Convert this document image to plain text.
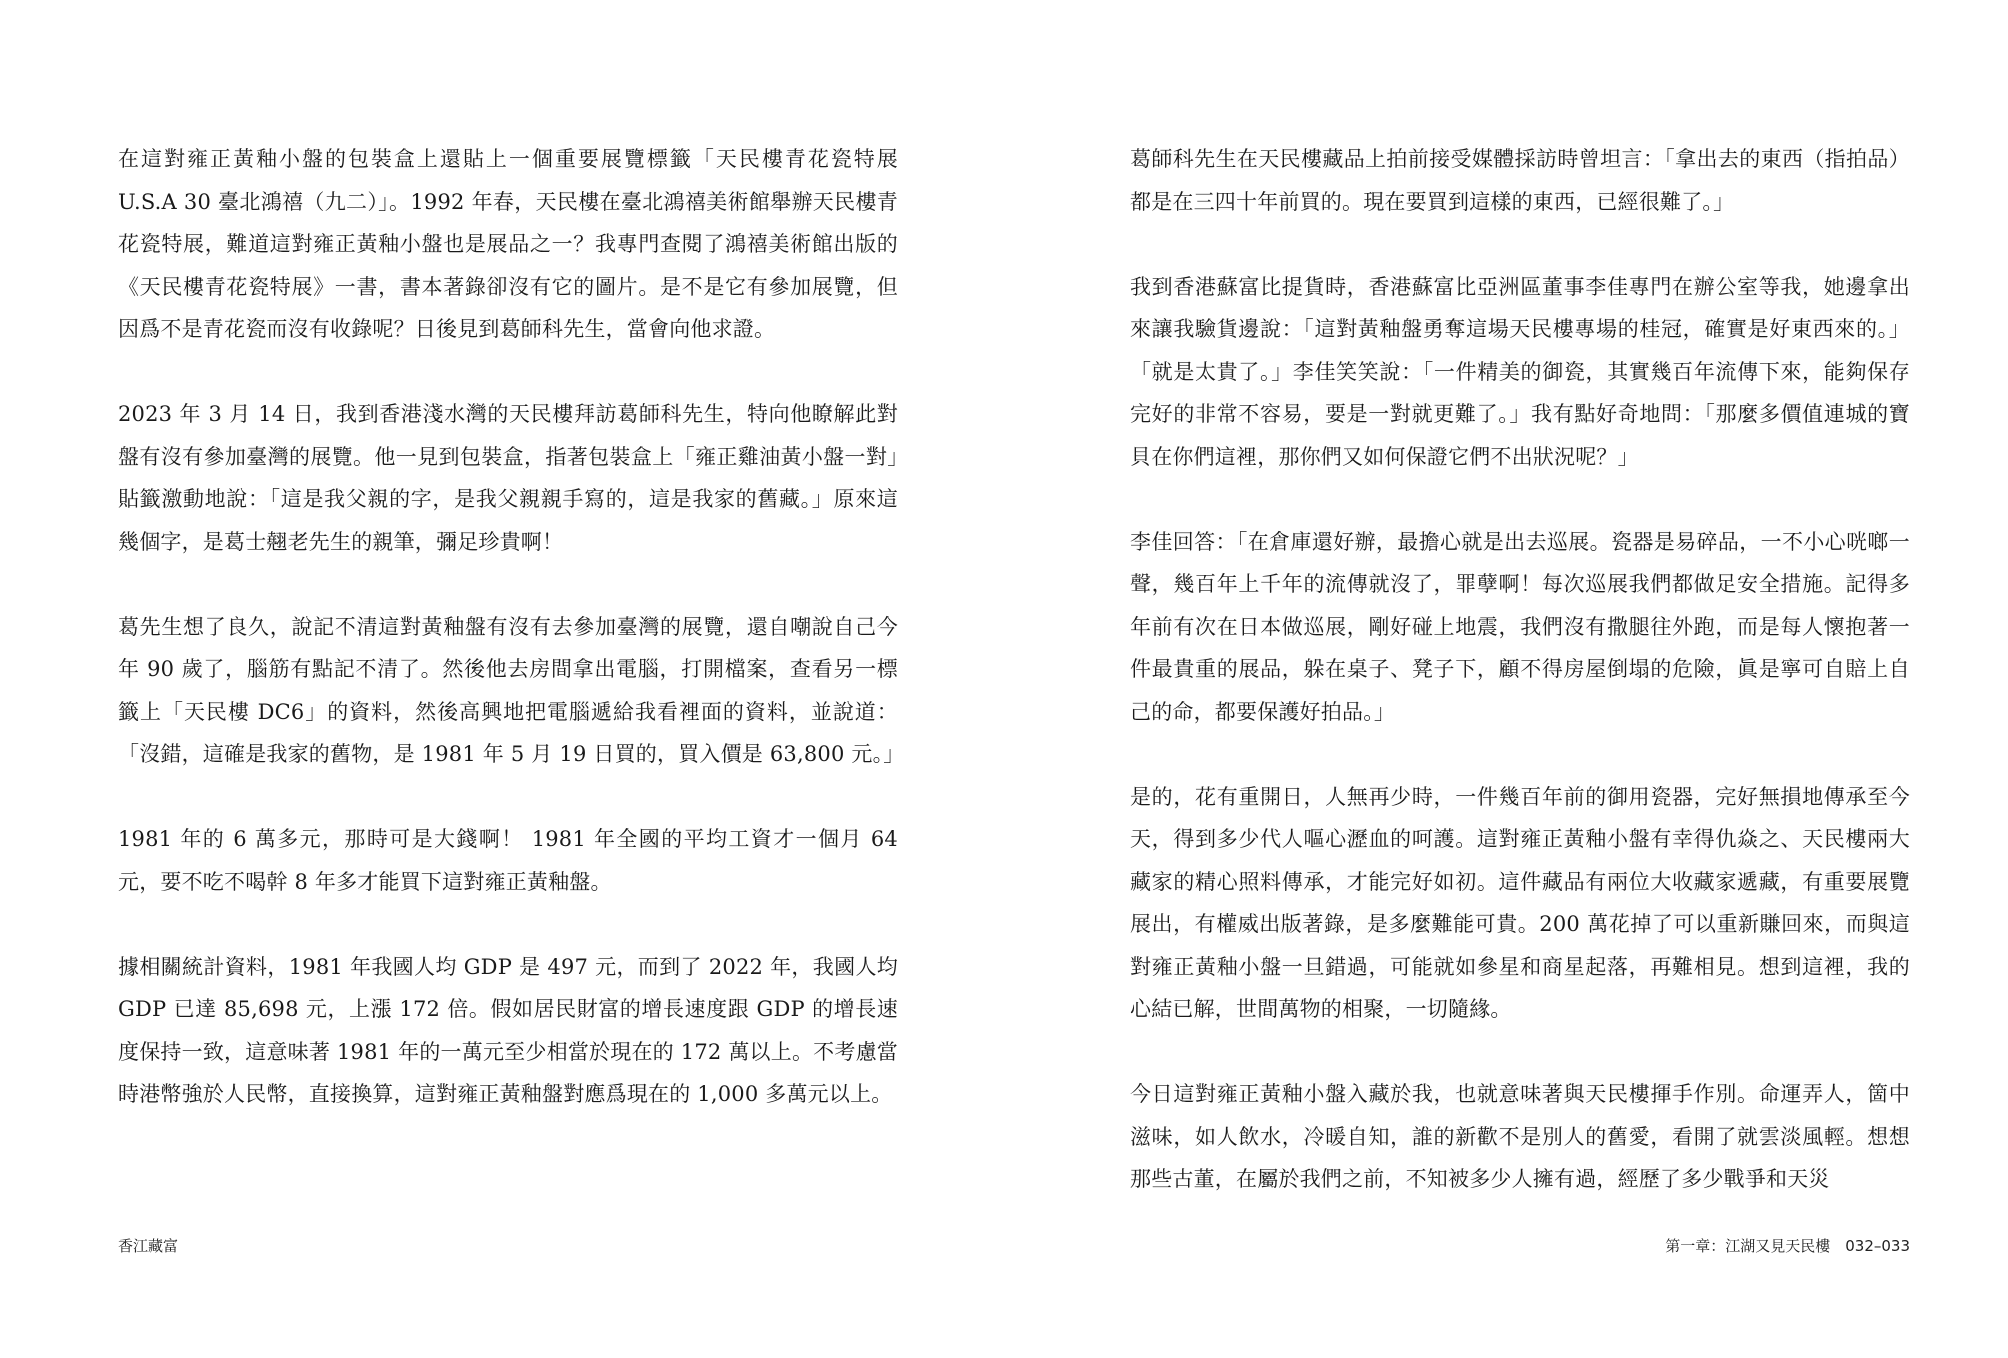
在這對雍正黃釉小盤的包裝盒上還貼上一個重要展覽標籤「天民樓青花瓷特展 U.S.A 30 臺北鴻禧（九二）」。1992 年春，天民樓在臺北鴻禧美術館舉辦天民樓青花瓷特展，難道這對雍正黃釉小盤也是展品之一？我專門查閱了鴻禧美術館出版的《天民樓青花瓷特展》一書，書本著錄卻沒有它的圖片。是不是它有參加展覽，但因爲不是青花瓷而沒有收錄呢？日後見到葛師科先生，當會向他求證。

2023 年 3 月 14 日，我到香港淺水灣的天民樓拜訪葛師科先生，特向他瞭解此對盤有沒有參加臺灣的展覽。他一見到包裝盒，指著包裝盒上「雍正雞油黃小盤一對」貼籤激動地說：「這是我父親的字，是我父親親手寫的，這是我家的舊藏。」原來這幾個字，是葛士翹老先生的親筆，彌足珍貴啊！

葛先生想了良久，說記不清這對黃釉盤有沒有去參加臺灣的展覽，還自嘲說自己今年 90 歲了，腦筋有點記不清了。然後他去房間拿出電腦，打開檔案，查看另一標籤上「天民樓 DC6」的資料，然後高興地把電腦遞給我看裡面的資料，並說道：「沒錯，這確是我家的舊物，是 1981 年 5 月 19 日買的，買入價是 63,800 元。」

1981 年的 6 萬多元，那時可是大錢啊！ 1981 年全國的平均工資才一個月 64 元，要不吃不喝幹 8 年多才能買下這對雍正黃釉盤。

據相關統計資料，1981 年我國人均 GDP 是 497 元，而到了 2022 年，我國人均 GDP 已達 85,698 元，上漲 172 倍。假如居民財富的增長速度跟 GDP 的增長速度保持一致，這意味著 1981 年的一萬元至少相當於現在的 172 萬以上。不考慮當時港幣強於人民幣，直接換算，這對雍正黃釉盤對應爲現在的 1,000 多萬元以上。

香江藏富

葛師科先生在天民樓藏品上拍前接受媒體採訪時曾坦言：「拿出去的東西（指拍品）都是在三四十年前買的。現在要買到這樣的東西，已經很難了。」

我到香港蘇富比提貨時，香港蘇富比亞洲區董事李佳專門在辦公室等我，她邊拿出來讓我驗貨邊說：「這對黃釉盤勇奪這場天民樓專場的桂冠，確實是好東西來的。」「就是太貴了。」李佳笑笑說：「一件精美的御瓷，其實幾百年流傳下來，能夠保存完好的非常不容易，要是一對就更難了。」我有點好奇地問：「那麼多價值連城的寶貝在你們這裡，那你們又如何保證它們不出狀況呢？」

李佳回答：「在倉庫還好辦，最擔心就是出去巡展。瓷器是易碎品，一不小心咣啷一聲，幾百年上千年的流傳就沒了，罪孽啊！每次巡展我們都做足安全措施。記得多年前有次在日本做巡展，剛好碰上地震，我們沒有撒腿往外跑，而是每人懷抱著一件最貴重的展品，躲在桌子、凳子下，顧不得房屋倒塌的危險，眞是寧可自賠上自己的命，都要保護好拍品。」

是的，花有重開日，人無再少時，一件幾百年前的御用瓷器，完好無損地傳承至今天，得到多少代人嘔心瀝血的呵護。這對雍正黃釉小盤有幸得仇焱之、天民樓兩大藏家的精心照料傳承，才能完好如初。這件藏品有兩位大收藏家遞藏，有重要展覽展出，有權威出版著錄，是多麼難能可貴。200 萬花掉了可以重新賺回來，而與這對雍正黃釉小盤一旦錯過，可能就如參星和商星起落，再難相見。想到這裡，我的心結已解，世間萬物的相聚，一切隨緣。

今日這對雍正黃釉小盤入藏於我，也就意味著與天民樓揮手作別。命運弄人，箇中滋味，如人飲水，冷暖自知，誰的新歡不是別人的舊愛，看開了就雲淡風輕。想想那些古董，在屬於我們之前，不知被多少人擁有過，經歷了多少戰爭和天災

第一章：江湖又見天民樓　032–033
